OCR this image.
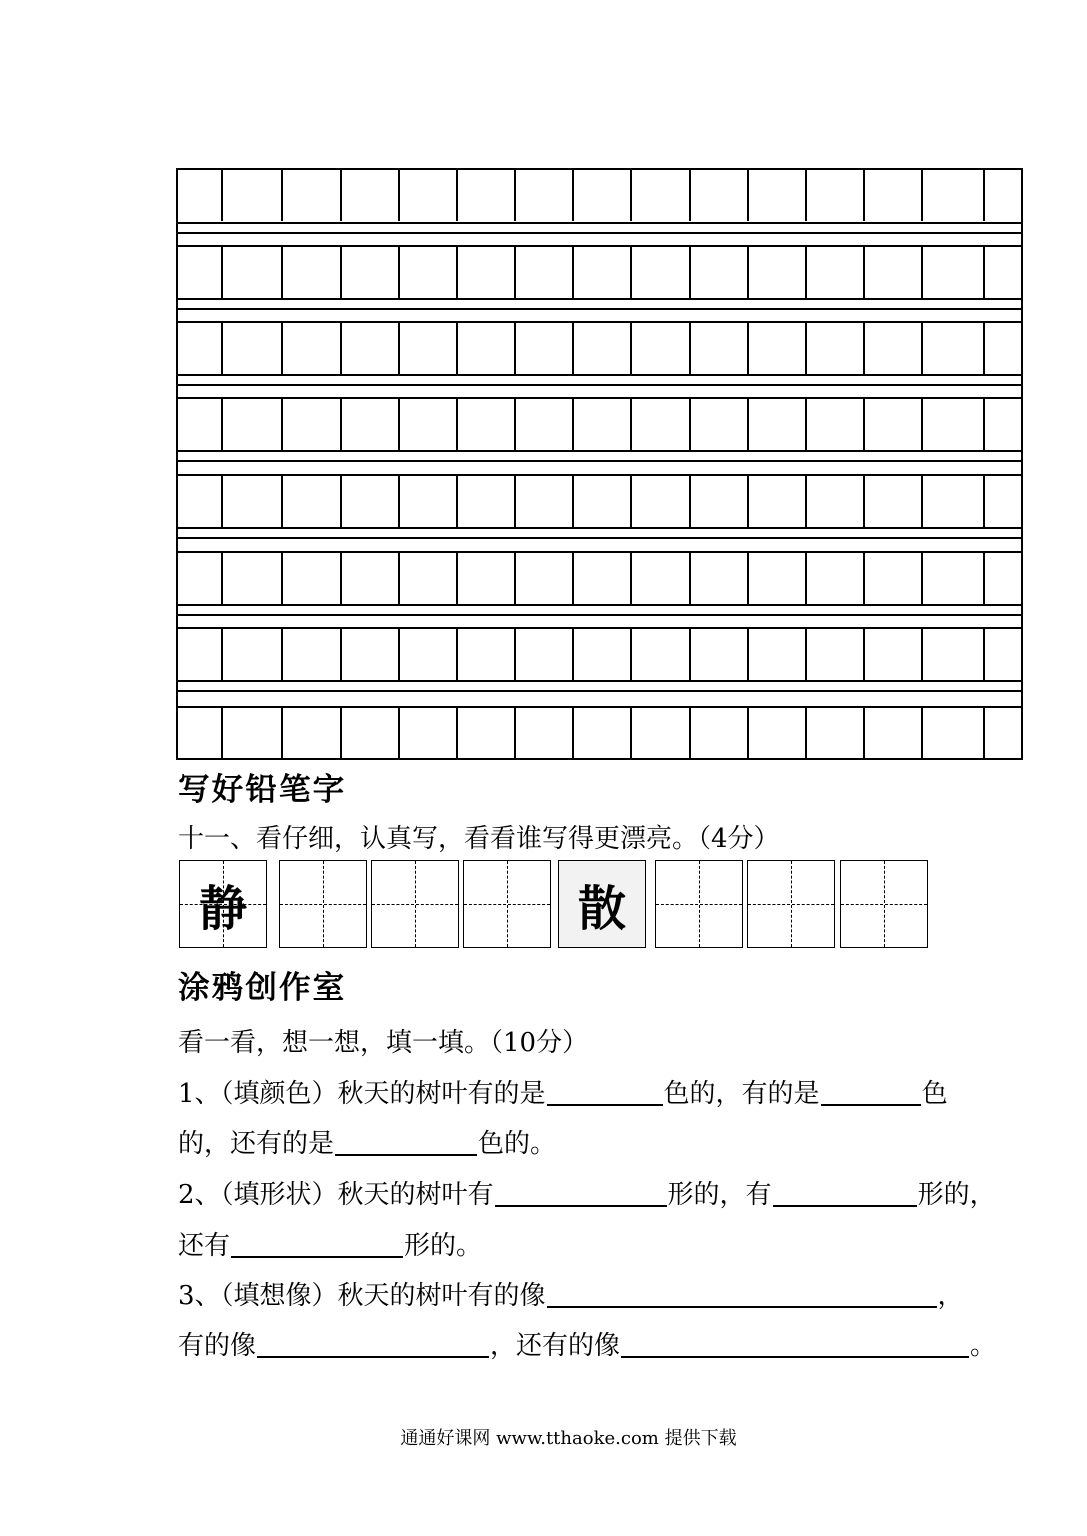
写好铅笔字

十一、看仔细，认真写，看看谁写得更漂亮。（4分）

静	散
涂鸦创作室

看一看，想一想，填一填。（10分）

1、（填颜色）秋天的树叶有的是	色的，有的是	色

的，还有的是	色的。

2、（填形状）秋天的树叶有	形的，有	形的，

还有	形的。

3、（填想像）秋天的树叶有的像	，

有的像	，还有的像	。

通通好课网 www.tthaoke.com 提供下载
